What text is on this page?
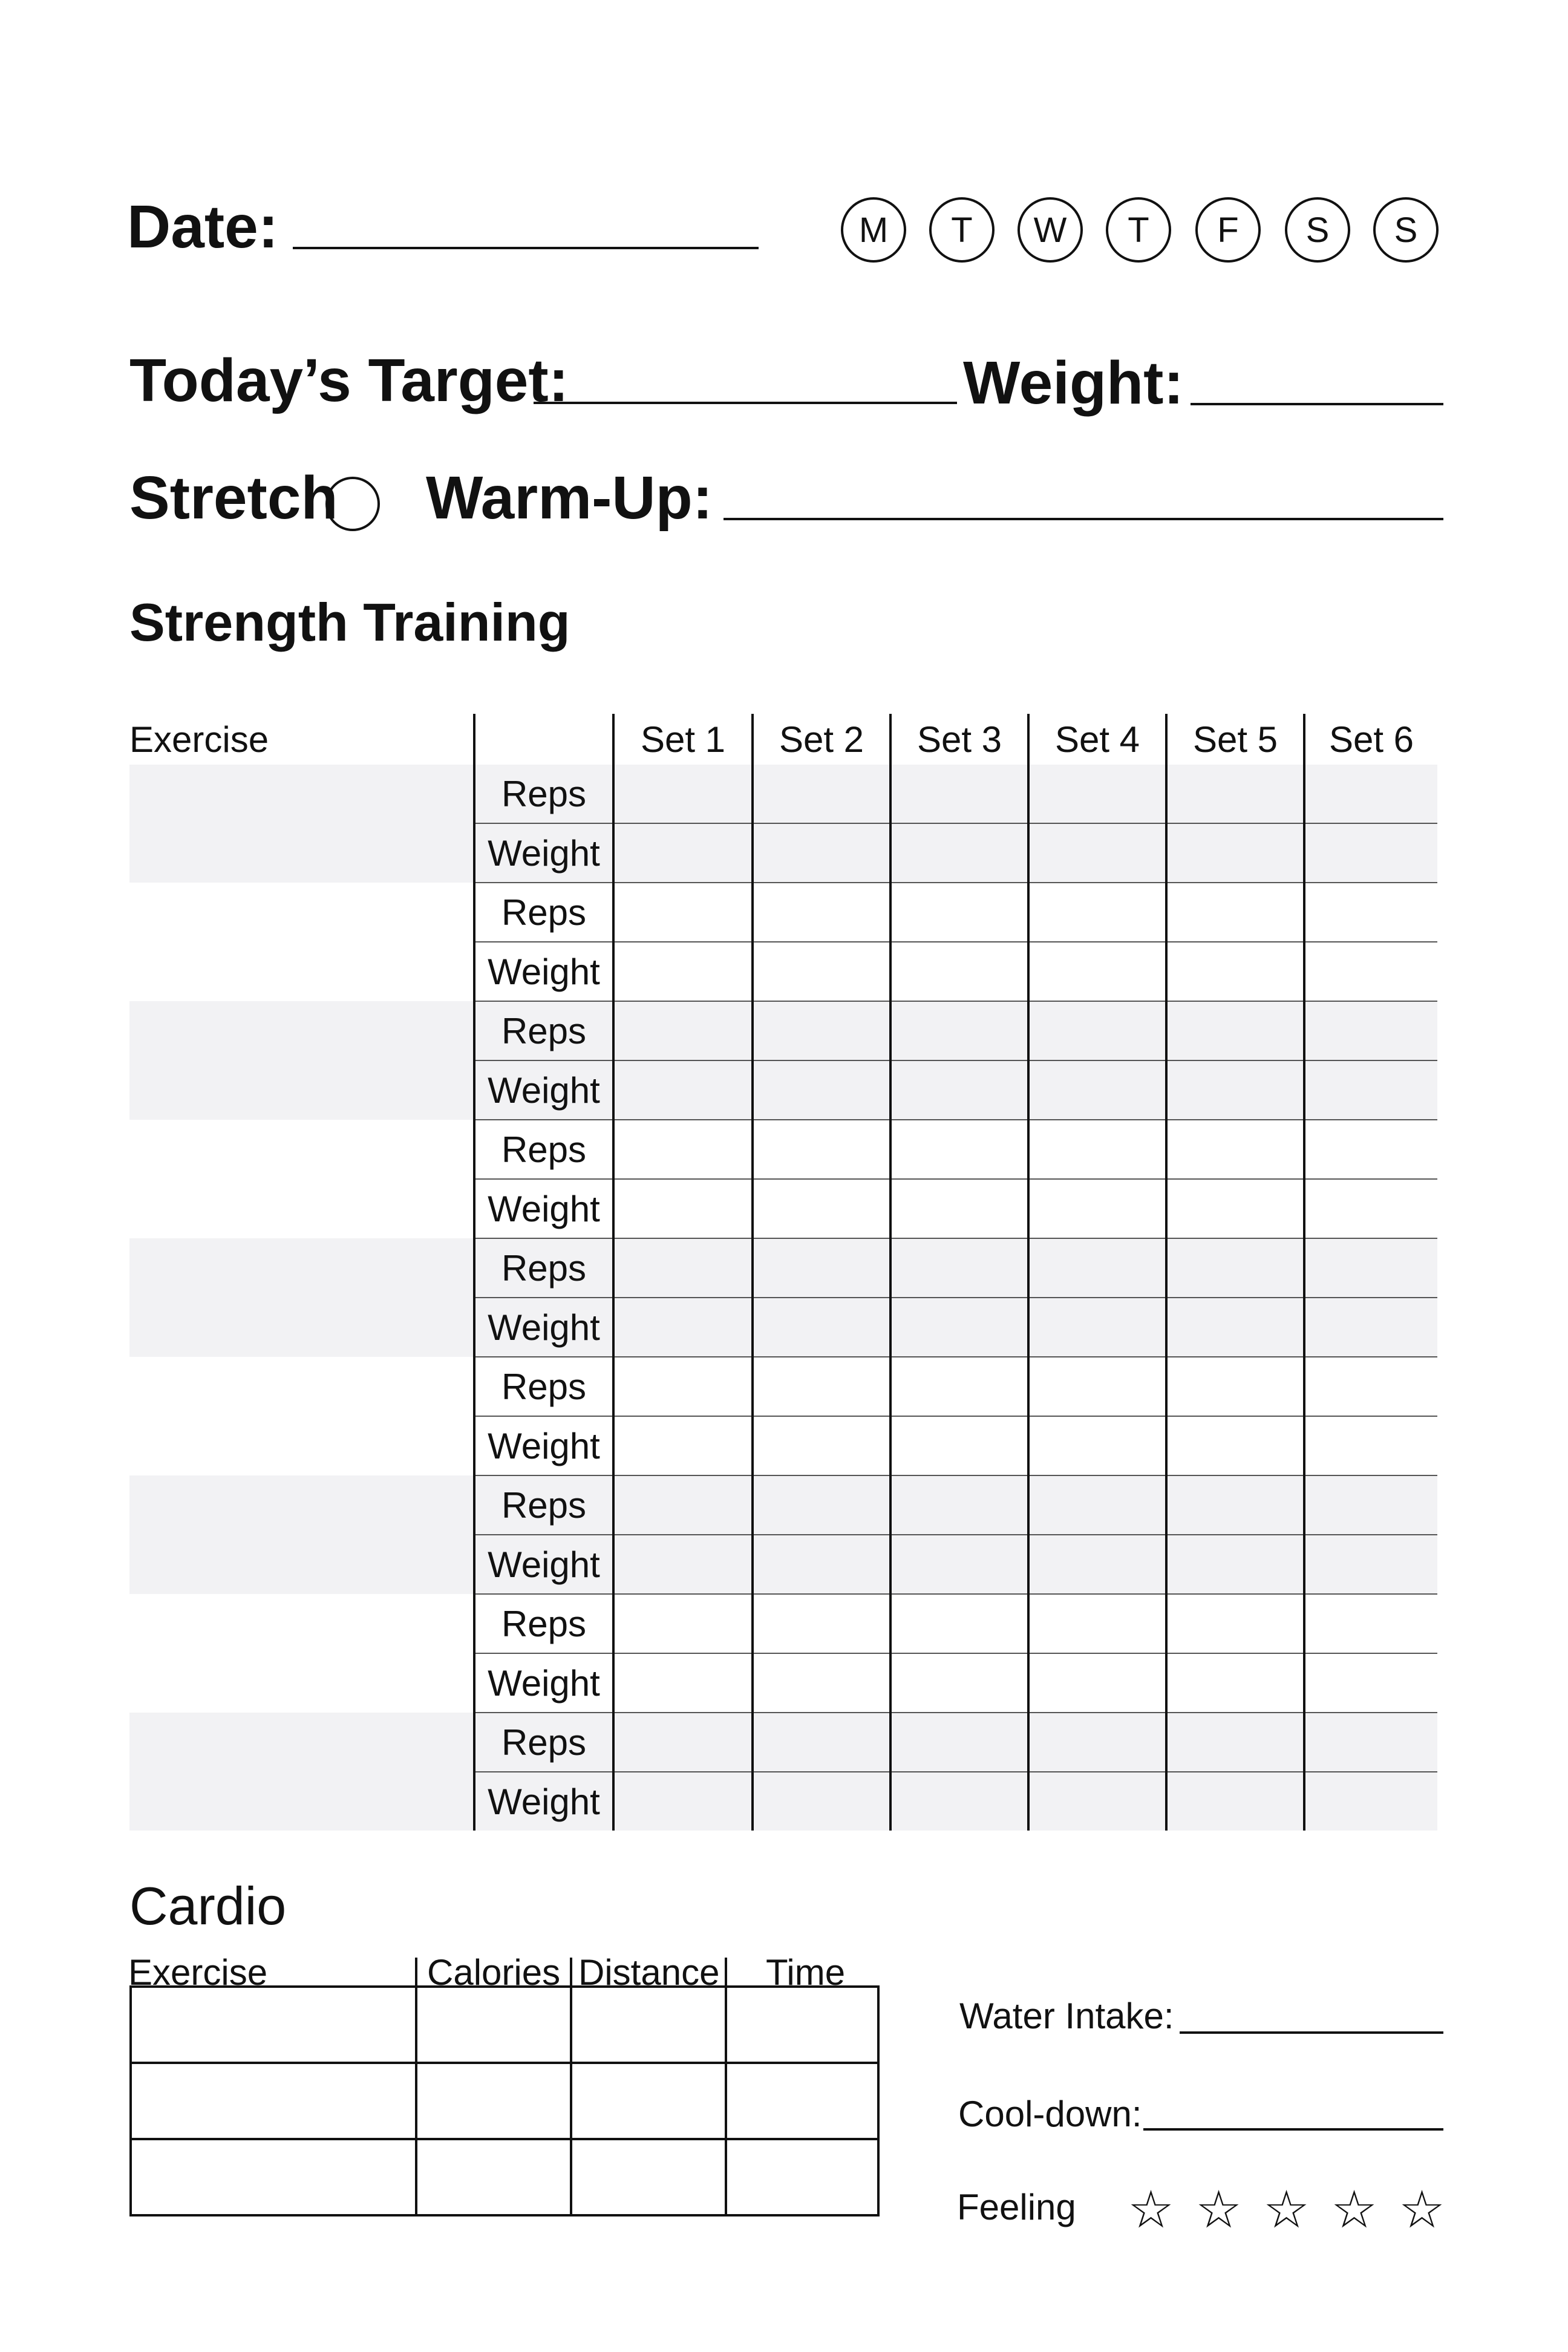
Date:	M	T	W	T	F	S	S
Today’s Target:	Weight:
Stretch Warm-Up:
Strength Training
Exercise		Set 1	Set 2	Set 3	Set 4	Set 5	Set 6
	Reps						
	Weight						
	Reps						
	Weight						
	Reps						
	Weight						
	Reps						
	Weight						
	Reps						
	Weight						
	Reps						
	Weight						
	Reps						
	Weight						
	Reps						
	Weight						
	Reps						
	Weight						
Cardio
Exercise	Calories Distance Time

Water Intake:
Cool-down:
Feeling ☆ ☆ ☆ ☆ ☆
